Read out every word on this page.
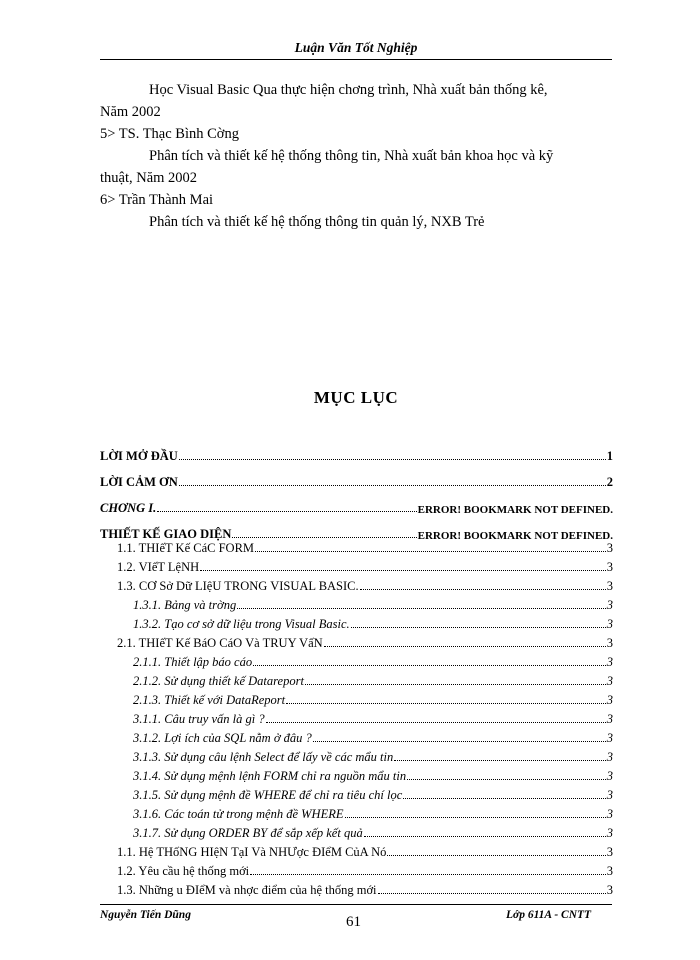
Luận Văn Tốt Nghiệp
Học Visual Basic Qua thực hiện chơng trình, Nhà xuất bản thống kê,
Năm 2002
5> TS. Thạc Bình Cờng
Phân tích và thiết kế hệ thống thông tin, Nhà xuất bản khoa học và kỹ
thuật, Năm 2002
6> Trần Thành Mai
Phân tích và thiết kế hệ thống thông tin quản lý, NXB Trẻ
MỤC LỤC
LỜI MỞ ĐẦU	1
LỜI CẢM ƠN	2
CHƠNG I.	ERROR! BOOKMARK NOT DEFINED.
THIẾT KẾ GIAO DIỆN	ERROR! BOOKMARK NOT DEFINED.
1.1. THIếT Kế CáC FORM	3
1.2. VIếT LệNH	3
1.3. CƠ Sở Dữ LIệU TRONG VISUAL BASIC.	3
1.3.1. Bảng và trờng	3
1.3.2. Tạo cơ sở dữ liệu trong Visual Basic.	3
2.1. THIếT Kế BáO CáO Và TRUY VấN	3
2.1.1. Thiết lập báo cáo	3
2.1.2. Sử dụng thiết kế Datareport	3
2.1.3. Thiết kế với DataReport	3
3.1.1. Câu truy vấn là gì ?	3
3.1.2. Lợi ích của SQL nằm ở đâu ?	3
3.1.3. Sử dụng câu lệnh Select để lấy về các mẩu tin	3
3.1.4. Sử dụng mệnh lệnh FORM chỉ ra nguồn mẩu tin	3
3.1.5. Sử dụng mệnh đề WHERE để chỉ ra tiêu chí lọc	3
3.1.6. Các toán tử trong mệnh đề WHERE	3
3.1.7. Sử dụng ORDER BY để sắp xếp kết quả	3
1.1. Hệ THốNG HIệN TạI Và NHƯợc ĐIểM CủA Nó	3
1.2. Yêu cầu hệ thống mới	3
1.3. Những u ĐIểM và nhợc điểm của hệ thống mới	3
Nguyễn Tiến Dũng	61	Lớp 611A - CNTT
